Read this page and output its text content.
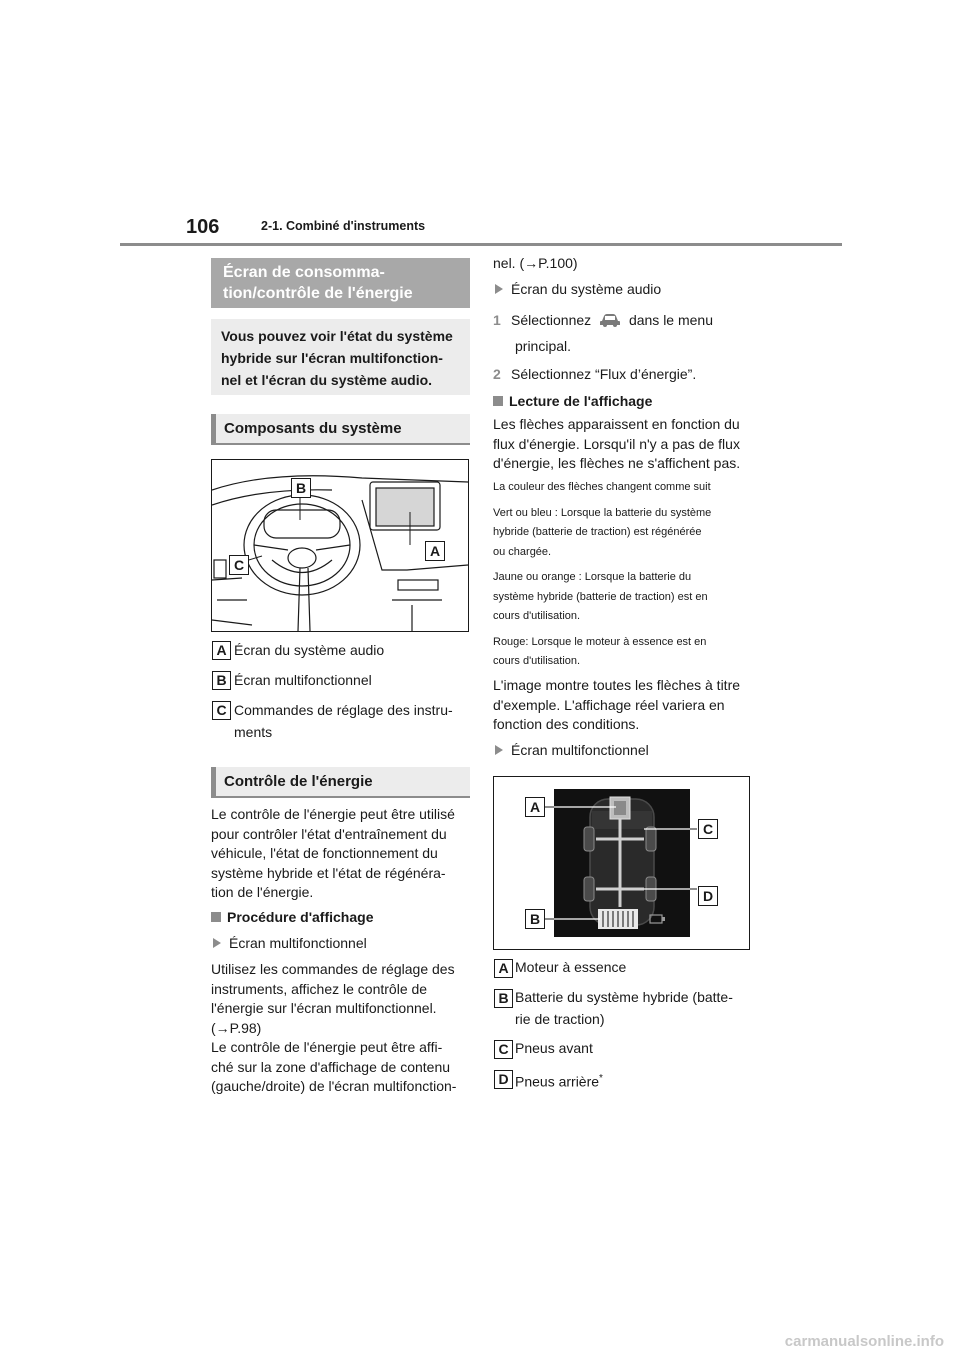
106	2-1. Combiné d'instruments
Écran de consomma-
tion/contrôle de l'énergie
Vous pouvez voir l'état du système
hybride sur l'écran multifonction-
nel et l'écran du système audio.
Composants du système
B
A
C
A Écran du système audio
B Écran multifonctionnel
C Commandes de réglage des instru-
ments
Contrôle de l'énergie
Le contrôle de l'énergie peut être utilisé
pour contrôler l'état d'entraînement du
véhicule, l'état de fonctionnement du
système hybride et l'état de régénéra-
tion de l'énergie.
Procédure d'affichage
Écran multifonctionnel
Utilisez les commandes de réglage des
instruments, affichez le contrôle de
l'énergie sur l'écran multifonctionnel.
(→P.98)
Le contrôle de l'énergie peut être affi-
ché sur la zone d'affichage de contenu
(gauche/droite) de l'écran multifonction-
nel. (→P.100)
Écran du système audio
1 Sélectionnez	dans le menu
principal.
2 Sélectionnez “Flux d’énergie”.
Lecture de l'affichage
Les flèches apparaissent en fonction du
flux d'énergie. Lorsqu'il n'y a pas de flux
d'énergie, les flèches ne s'affichent pas.
La couleur des flèches changent comme suit
Vert ou bleu : Lorsque la batterie du système
hybride (batterie de traction) est régénérée
ou chargée.
Jaune ou orange : Lorsque la batterie du
système hybride (batterie de traction) est en
cours d'utilisation.
Rouge: Lorsque le moteur à essence est en
cours d'utilisation.
L'image montre toutes les flèches à titre
d'exemple. L'affichage réel variera en
fonction des conditions.
Écran multifonctionnel
A
C
D
B
A Moteur à essence
B Batterie du système hybride (batte-
rie de traction)
C Pneus avant
D Pneus arrière*
carmanualsonline.info
